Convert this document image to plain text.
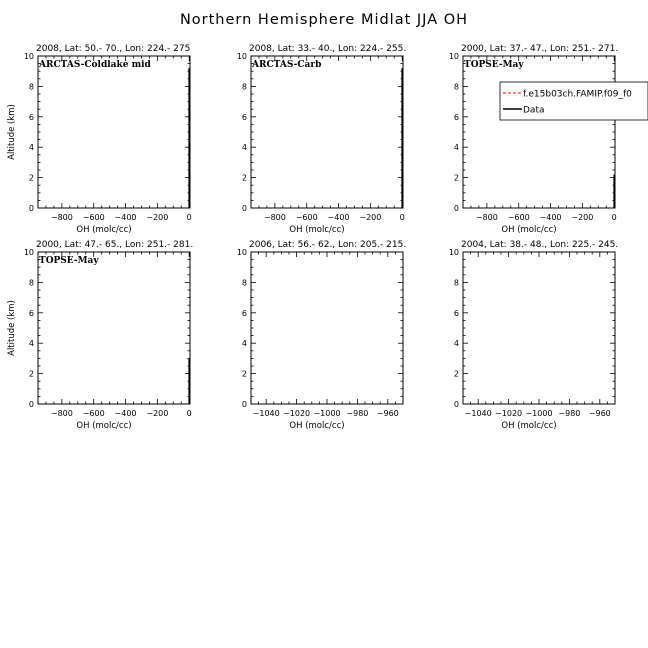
Northern Hemisphere Midlat JJA OH
2008, Lat: 50.- 70., Lon: 224.- 275
0
2
4
6
8
10
−800 −600 −400 −200 0
OH (molc/cc)
Altitude (km)
ARCTAS-Coldlake mid
2008, Lat: 33.- 40., Lon: 224.- 255.
0
2
4
6
8
10
−800 −600 −400 −200 0
OH (molc/cc)
ARCTAS-Carb
2000, Lat: 37.- 47., Lon: 251.- 271.
0
2
4
6
8
10
−800 −600 −400 −200 0
OH (molc/cc)
TOPSE-May
2000, Lat: 47.- 65., Lon: 251.- 281.
0
2
4
6
8
10
−800 −600 −400 −200 0
OH (molc/cc)
Altitude (km)
TOPSE-May
2006, Lat: 56.- 62., Lon: 205.- 215.
0
2
4
6
8
10
−1040 −1020 −1000 −980 −960
OH (molc/cc)
2004, Lat: 38.- 48., Lon: 225.- 245.
0
2
4
6
8
10
−1040 −1020 −1000 −980 −960
OH (molc/cc)
f.e15b03ch.FAMIP.f09_f0
Data
